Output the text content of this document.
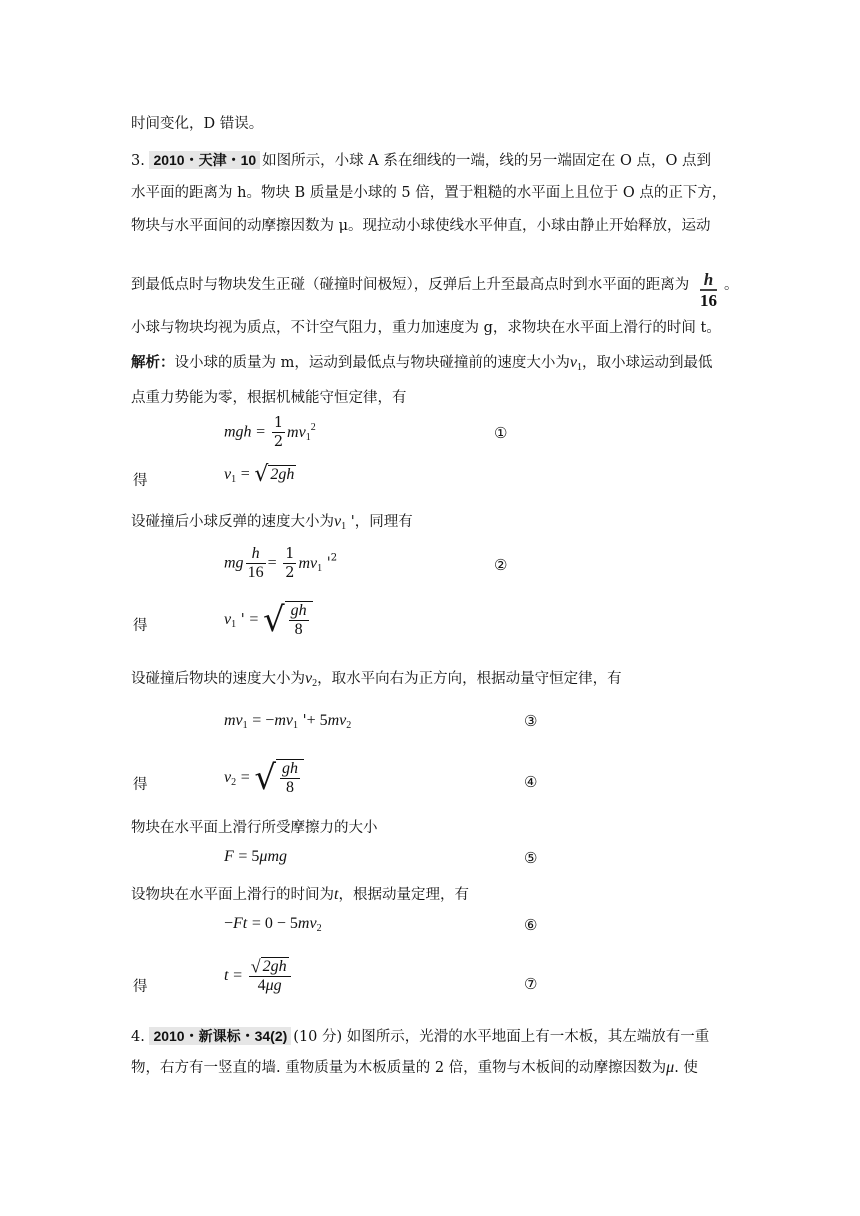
时间变化，D 错误。
3. 2010・天津・10 如图所示，小球 A 系在细线的一端，线的另一端固定在 O 点，O 点到
水平面的距离为 h。物块 B 质量是小球的 5 倍，置于粗糙的水平面上且位于 O 点的正下方，
物块与水平面间的动摩擦因数为 μ。现拉动小球使线水平伸直，小球由静止开始释放，运动
到最低点时与物块发生正碰（碰撞时间极短），反弹后上升至最高点时到水平面的距离为 $\frac{h}{16}$ 。
小球与物块均视为质点，不计空气阻力，重力加速度为 g，求物块在水平面上滑行的时间 t。
解析：设小球的质量为 m，运动到最低点与物块碰撞前的速度大小为$v_1$，取小球运动到最低
点重力势能为零，根据机械能守恒定律，有
mgh = $\frac{1}{2} mv_1^2$	①
得	$v_1$ = √ 2gh
设碰撞后小球反弹的速度大小为$v_1$ '，同理有
mg $\frac{h}{16} = \frac{1}{2} mv_1$ '$^2$	②
得	$v_1$ ' = √ $\frac{gh}{8}$
设碰撞后物块的速度大小为$v_2$，取水平向右为正方向，根据动量守恒定律，有
$mv_1 = -mv_1$ '+ $5mv_2$	③
得	$v_2$ = √ $\frac{gh}{8}$	④
物块在水平面上滑行所受摩擦力的大小
F = 5μmg	⑤
设物块在水平面上滑行的时间为t，根据动量定理，有
$-Ft = 0 - 5mv_2$	⑥
得
$t = \frac{√ 2gh}{4\mu g}$	⑦
4. 2010・新课标・34(2) (10 分) 如图所示，光滑的水平地面上有一木板，其左端放有一重
物，右方有一竖直的墙. 重物质量为木板质量的 2 倍，重物与木板间的动摩擦因数为μ. 使
